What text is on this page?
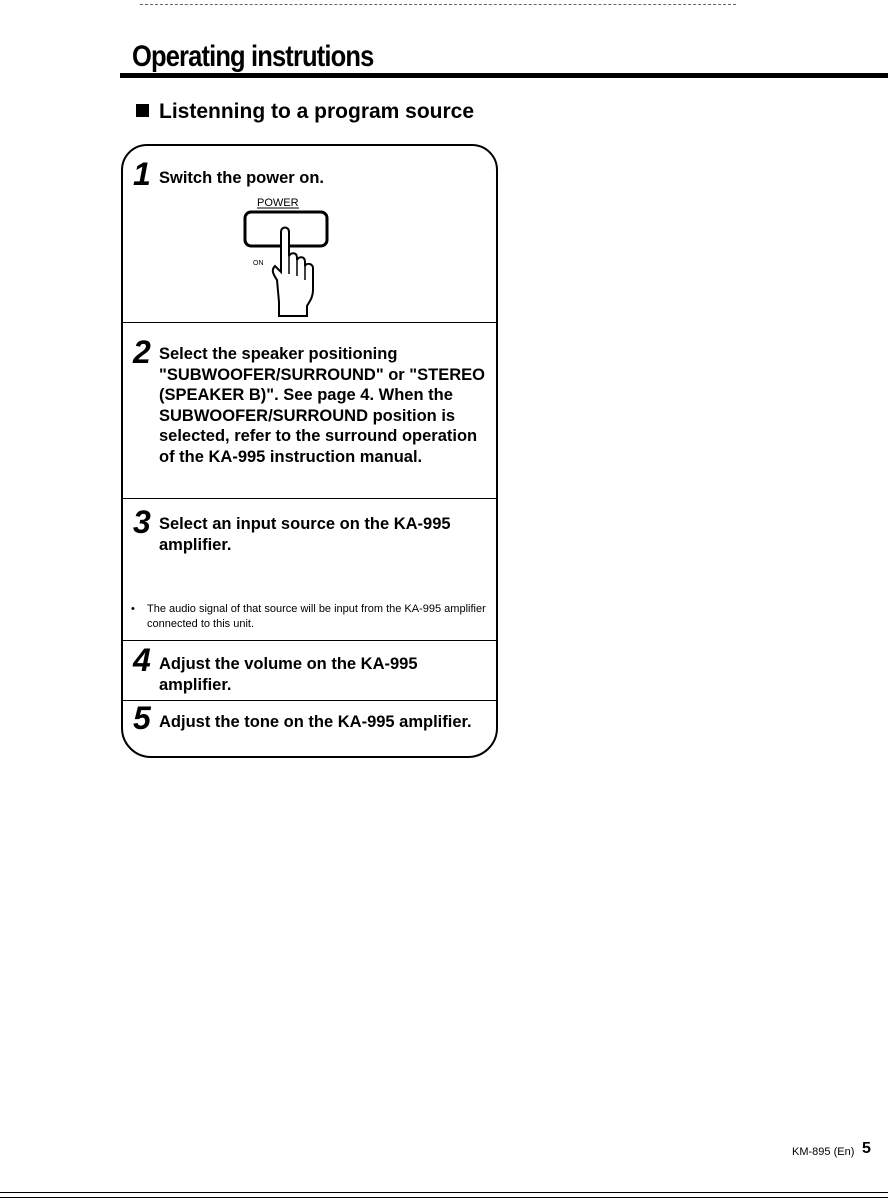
Operating instrutions
Listenning to a program source
1 Switch the power on.
POWER
ON
2 Select the speaker positioning "SUBWOOFER/SURROUND" or "STEREO (SPEAKER B)". See page 4. When the SUBWOOFER/SURROUND position is selected, refer to the surround operation of the KA-995 instruction manual.
3 Select an input source on the KA-995 amplifier.
• The audio signal of that source will be input from the KA-995 amplifier connected to this unit.
4 Adjust the volume on the KA-995 amplifier.
5 Adjust the tone on the KA-995 amplifier.
KM-895 (En) 5
